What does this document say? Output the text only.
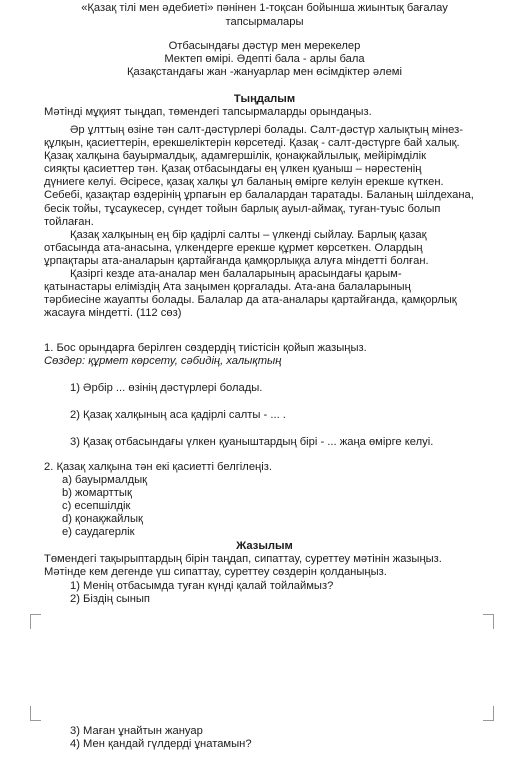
«Қазақ тілі мен әдебиеті» пәнінен 1-тоқсан бойынша жиынтық бағалау
тапсырмалары
Отбасындағы дәстүр мен мерекелер
Мектеп өмірі. Әдепті бала - арлы бала
Қазақстандағы жан -жануарлар мен өсімдіктер әлемі
Тыңдалым
Мәтінді мұқият тыңдап, төмендегі тапсырмаларды орындаңыз.
Әр ұлттың өзіне тән салт-дәстүрлері болады. Салт-дәстүр халықтың мінез-
құлқын, қасиеттерін, ерекшеліктерін көрсетеді. Қазақ - салт-дәстүрге бай халық.
Қазақ халқына бауырмалдық, адамгершілік, қонақжайлылық, мейірімділік
сияқты қасиеттер тән. Қазақ отбасындағы ең үлкен қуаныш – нәрестенің
дүниеге келуі. Әсіресе, қазақ халқы ұл баланың өмірге келуін ерекше күткен.
Себебі, қазақтар өздерінің ұрпағын ер балалардан таратады. Баланың шілдехана,
бесік тойы, тұсаукесер, сүндет тойын барлық ауыл-аймақ, туған-туыс болып
тойлаған.
Қазақ халқының ең бір қадірлі салты – үлкенді сыйлау. Барлық қазақ
отбасында ата-анасына, үлкендерге ерекше құрмет көрсеткен. Олардың
ұрпақтары ата-аналарын қартайғанда қамқорлыққа алуға міндетті болған.
Қазіргі кезде ата-аналар мен балаларының арасындағы қарым-
қатынастары еліміздің Ата заңымен қорғалады. Ата-ана балаларының
тәрбиесіне жауапты болады. Балалар да ата-аналары қартайғанда, қамқорлық
жасауға міндетті. (112 сөз)
1. Бос орындарға берілген сөздердің тиістісін қойып жазыңыз.
Сөздер: құрмет көрсету, сәбидің, халықтың
1) Әрбір ... өзінің дәстүрлері болады.
2) Қазақ халқының аса қадірлі салты - ... .
3) Қазақ отбасындағы үлкен қуаныштардың бірі - ... жаңа өмірге келуі.
2. Қазақ халқына тән екі қасиетті белгілеңіз.
а) бауырмалдық
b) жомарттық
c) есепшілдік
d) қонақжайлық
e) саудагерлік
Жазылым
Төмендегі тақырыптардың бірін таңдап, сипаттау, суреттеу мәтінін жазыңыз.
Мәтінде кем дегенде үш сипаттау, суреттеу сөздерін қолданыңыз.
1) Менің отбасымда туған күнді қалай тойлаймыз?
2) Біздің сынып
3) Маған ұнайтын жануар
4) Мен қандай гүлдерді ұнатамын?
